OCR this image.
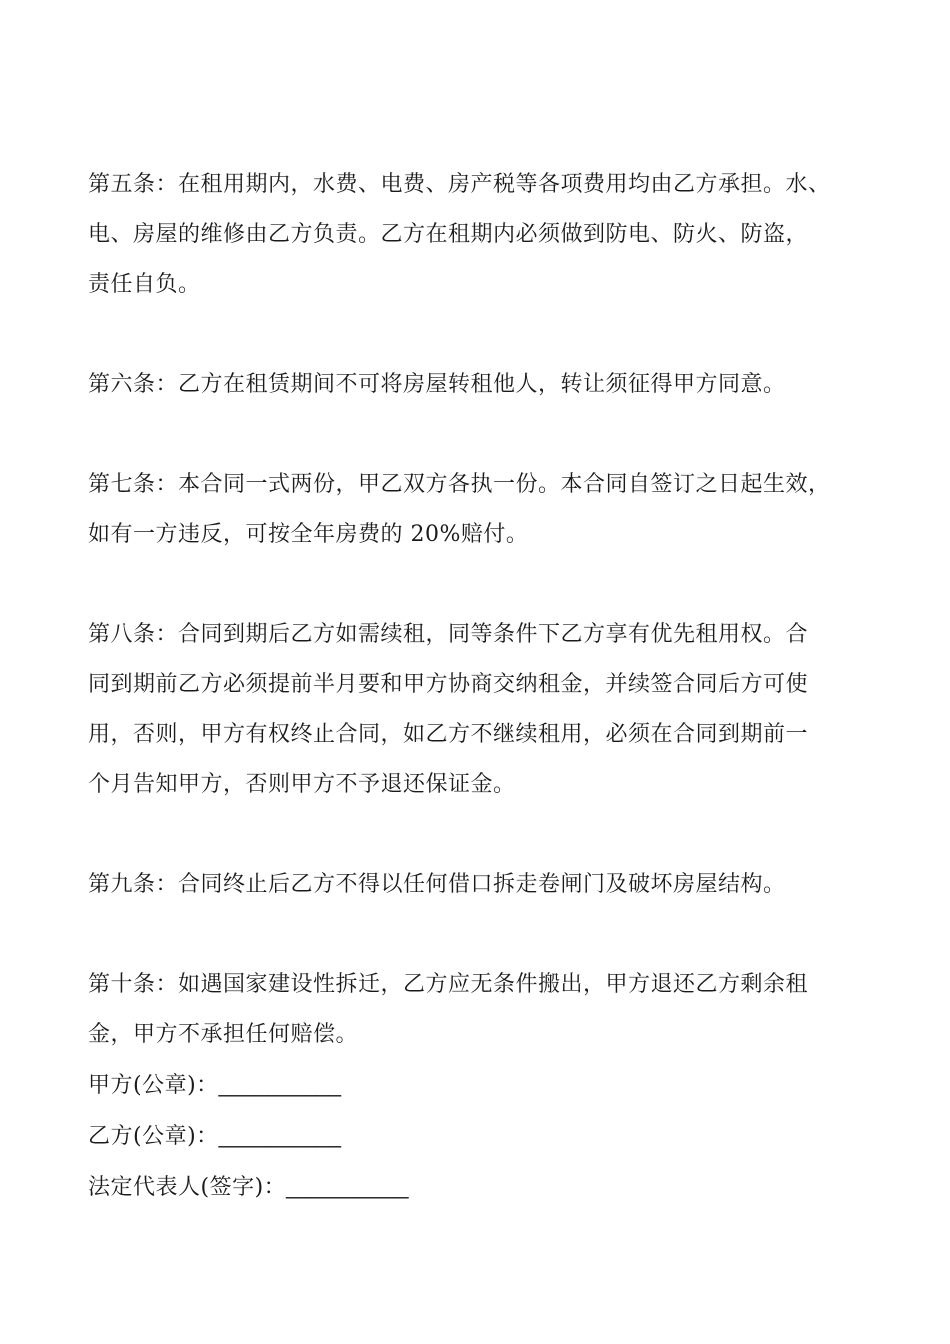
第五条：在租用期内，水费、电费、房产税等各项费用均由乙方承担。水、
电、房屋的维修由乙方负责。乙方在租期内必须做到防电、防火、防盗，
责任自负。
第六条：乙方在租赁期间不可将房屋转租他人，转让须征得甲方同意。
第七条：本合同一式两份，甲乙双方各执一份。本合同自签订之日起生效，
如有一方违反，可按全年房费的 20%赔付。
第八条：合同到期后乙方如需续租，同等条件下乙方享有优先租用权。合
同到期前乙方必须提前半月要和甲方协商交纳租金，并续签合同后方可使
用，否则，甲方有权终止合同，如乙方不继续租用，必须在合同到期前一
个月告知甲方，否则甲方不予退还保证金。
第九条：合同终止后乙方不得以任何借口拆走卷闸门及破坏房屋结构。
第十条：如遇国家建设性拆迁，乙方应无条件搬出，甲方退还乙方剩余租
金，甲方不承担任何赔偿。
甲方(公章)：__________
乙方(公章)：__________
法定代表人(签字)：__________
